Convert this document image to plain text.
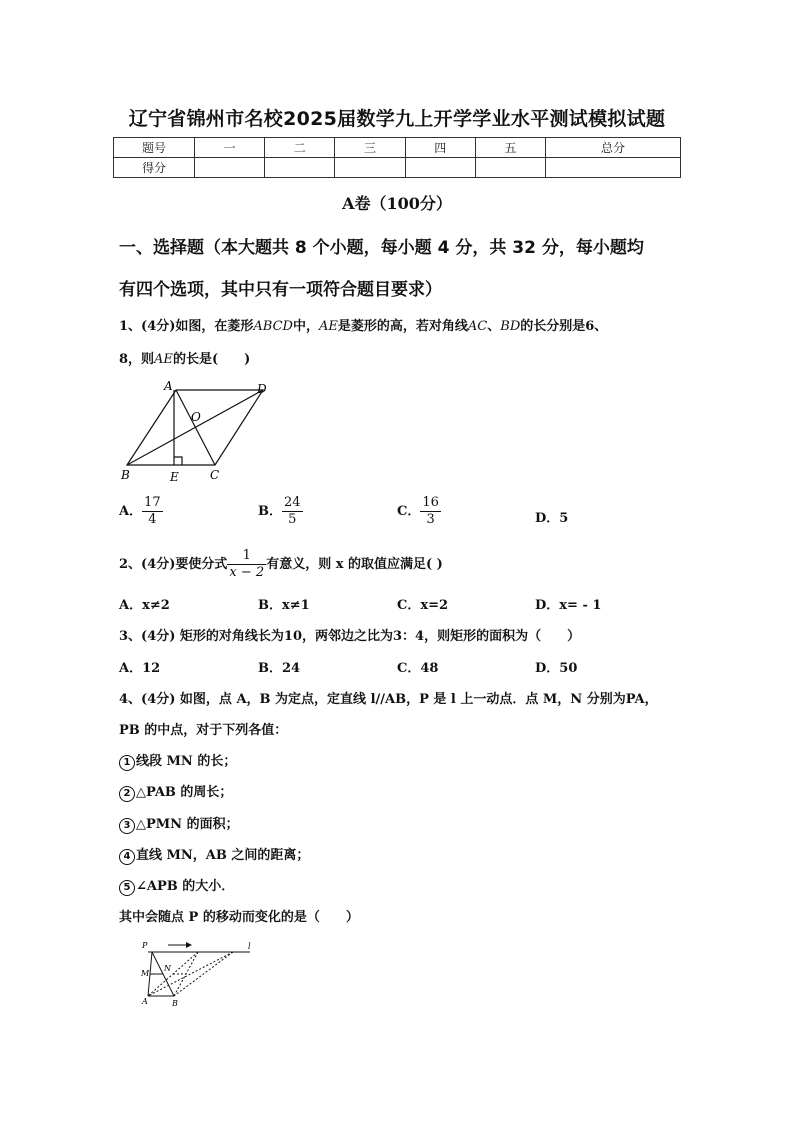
辽宁省锦州市名校2025届数学九上开学学业水平测试模拟试题
题号	一	二	三	四	五	总分
得分						
A卷（100分）
一、选择题（本大题共 8 个小题，每小题 4 分，共 32 分，每小题均
有四个选项，其中只有一项符合题目要求）
1、(4分)如图，在菱形ABCD中，AE是菱形的高，若对角线AC、BD的长分别是6、
8，则AE的长是(　　)
A	D
O
B	E	C
A． $\frac{17}{4}$	B． $\frac{24}{5}$	C． $\frac{16}{3}$	D．5
2、(4分)要使分式 $\frac{1}{x - 2}$ 有意义，则 x 的取值应满足( )
A．x≠2	B．x≠1	C．x=2	D．x= - 1
3、(4分) 矩形的对角线长为10，两邻边之比为3：4，则矩形的面积为（　　）
A．12	B．24	C．48	D．50
4、(4分) 如图，点 A，B 为定点，定直线 l//AB，P 是 l 上一动点．点 M，N 分别为PA，
PB 的中点，对于下列各值：
1 线段 MN 的长；
2 △PAB 的周长；
3 △PMN 的面积；
4 直线 MN，AB 之间的距离；
5 ∠APB 的大小．
其中会随点 P 的移动而变化的是（　　）
P
M
N
A	B
l
